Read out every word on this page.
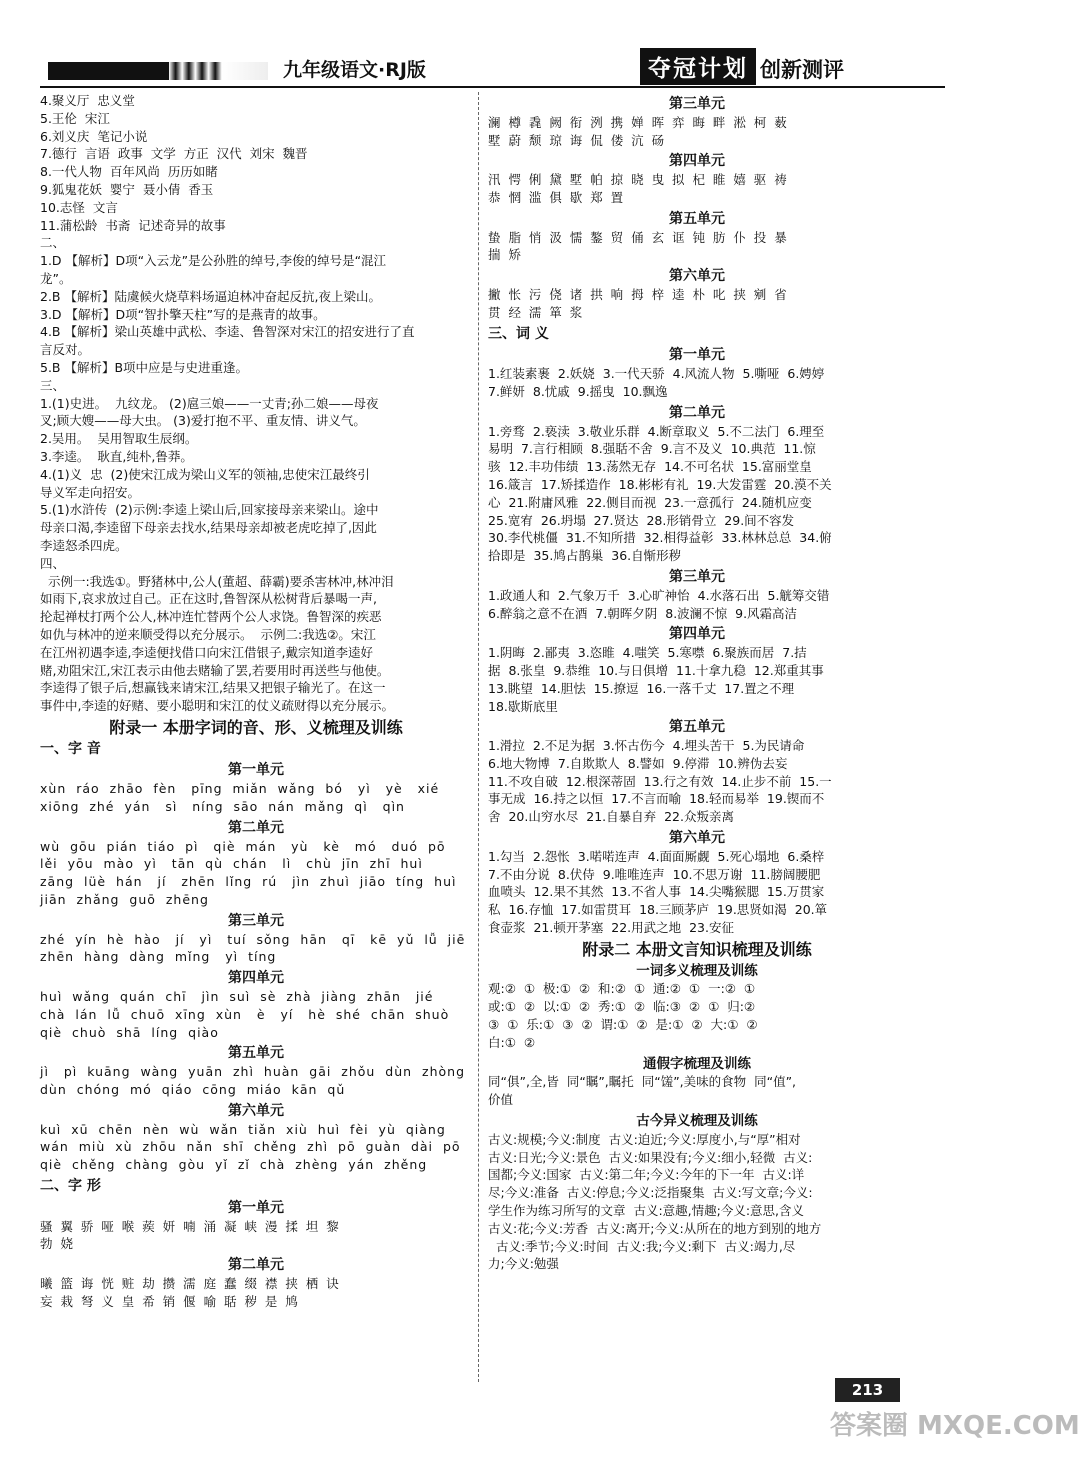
九年级语文·RJ版	夺冠计划 创新测评
4.聚义厅  忠义堂
5.王伦  宋江
6.刘义庆  笔记小说
7.德行  言语  政事  文学  方正  汉代  刘宋  魏晋
8.一代人物  百年风尚  历历如睹
9.狐鬼花妖  婴宁  聂小倩  香玉
10.志怪  文言
11.蒲松龄  书斋  记述奇异的故事
二、
1.D 【解析】D项“入云龙”是公孙胜的绰号,李俊的绰号是“混江
龙”。
2.B 【解析】陆虞候火烧草料场逼迫林冲奋起反抗,夜上梁山。
3.D 【解析】D项“智扑擎天柱”写的是燕青的故事。
4.B 【解析】梁山英雄中武松、李逵、鲁智深对宋江的招安进行了直
言反对。
5.B 【解析】B项中应是与史进重逢。
三、
1.(1)史进。  九纹龙。 (2)扈三娘——一丈青;孙二娘——母夜
叉;顾大嫂——母大虫。 (3)爱打抱不平、重友情、讲义气。
2.吴用。  吴用智取生辰纲。
3.李逵。  耿直,纯朴,鲁莽。
4.(1)义  忠  (2)使宋江成为梁山义军的领袖,忠使宋江最终引
导义军走向招安。
5.(1)水浒传  (2)示例:李逵上梁山后,回家接母亲来梁山。途中
母亲口渴,李逵留下母亲去找水,结果母亲却被老虎吃掉了,因此
李逵怒杀四虎。
四、
示例一:我选①。野猪林中,公人(董超、薛霸)要杀害林冲,林冲泪
如雨下,哀求放过自己。正在这时,鲁智深从松树背后暴喝一声,
抡起禅杖打两个公人,林冲连忙替两个公人求饶。鲁智深的疾恶
如仇与林冲的逆来顺受得以充分展示。  示例二:我选②。宋江
在江州初遇李逵,李逵便找借口向宋江借银子,戴宗知道李逵好
赌,劝阻宋江,宋江表示由他去赌输了罢,若要用时再送些与他使。
李逵得了银子后,想赢钱来请宋江,结果又把银子输光了。在这一
事件中,李逵的好赌、要小聪明和宋江的仗义疏财得以充分展示。
附录一 本册字词的音、形、义梳理及训练
一、字 音
第一单元
xùn  ráo  zhāo  fèn   pīng  miǎn  wǎng  bó   yì   yè   xié
xiōng  zhé  yán   sì   níng  sāo  nán  mǎng  qì   qìn
第二单元
wù  gōu  pián  tiáo  pì   qiè  mán   yù   kè   mó   duó  pō
lěi  yōu  mào  yì   tān  qù  chán   lì   chù  jīn  zhī  huì
zāng  lüè  hán   jí   zhēn  lǐng  rú   jìn  zhuì  jiāo  tíng  huì
jiān  zhǎng  guō  zhēng
第三单元
zhé  yín  hè  hào   jí   yì   tuí  sǒng  hān   qī   kē  yǔ  lǚ  jiē
zhēn  hàng  dàng  mǐng   yì  tíng
第四单元
huì  wǎng  quán  chī   jìn  suì  sè  zhà  jiàng  zhān   jié
chà  lán  lǚ  chuō  xīng  xùn   è   yí   hè  shé  chān  shuò
qiè  chuò  shā  líng  qiào
第五单元
jì   pì  kuāng  wàng  yuān  zhì  huàn  gāi  zhǒu  dùn  zhòng
dùn  chóng  mó  qiáo  cōng  miáo  kān  qǔ
第六单元
kuì  xū  chēn  nèn  wù  wǎn  tiǎn  xiù  huì  fèi  yù  qiàng
wán  miù  xù  zhōu  nǎn  shī  chěng  zhì  pō  guàn  dài  pō
qiè  chěng  chàng  gòu  yǐ  zǐ  chà  zhèng  yán  zhěng
二、字 形
第一单元
骚  翼  骄  哑  喉  蒺  妍  喃  涌  凝  峡  漫  揉  坦  黎
勃  娆
第二单元
曦  篮  诲  恍  赃  劫  攒  濡  庭  蠢  缀  襟  挟  栖  诀
妄  栽  弩  义  皇  希  销  偃  喻  聒  秽  是  鸠
第三单元
澜  樽  毳  阙  衔  洌  携  婵  晖  弈  晦  畔  淞  柯  薮
墅  蔚  颓  琼  诲  侃  偻  沆  砀
第四单元
汛  愕  俐  黛  墅  帕  掠  晓  曳  拟  杞  睢  嬉  驱  祷
恭  惘  滥  俱  歇  郑  置
第五单元
蛰  脂  悄  汲  懦  鏊  贸  俑  玄  诓  钝  肪  仆  投  暴
揣  矫
第六单元
撇  怅  污  侥  诸  拱  响  拇  梓  逵  朴  叱  挟  剜  省
贯  经  濡  箪  浆
三、词 义
第一单元
1.红装素裹  2.妖娆  3.一代天骄  4.风流人物  5.嘶哑  6.娉婷
7.鲜妍  8.忧戚  9.摇曳  10.飘逸
第二单元
1.旁骛  2.亵渎  3.敬业乐群  4.断章取义  5.不二法门  6.理至
易明  7.言行相顾  8.强聒不舍  9.言不及义  10.典范  11.惊
骇  12.丰功伟绩  13.荡然无存  14.不可名状  15.富丽堂皇
16.箴言  17.矫揉造作  18.彬彬有礼  19.大发雷霆  20.漠不关
心  21.附庸风雅  22.侧目而视  23.一意孤行  24.随机应变
25.宽宥  26.坍塌  27.贤达  28.形销骨立  29.间不容发
30.李代桃僵  31.不知所措  32.相得益彰  33.林林总总  34.俯
拾即是  35.鸠占鹊巢  36.自惭形秽
第三单元
1.政通人和  2.气象万千  3.心旷神怡  4.水落石出  5.觥筹交错
6.醉翁之意不在酒  7.朝晖夕阴  8.波澜不惊  9.风霜高洁
第四单元
1.阴晦  2.鄙夷  3.恣睢  4.嗤笑  5.寒噤  6.聚族而居  7.拮
据  8.张皇  9.恭维  10.与日俱增  11.十拿九稳  12.郑重其事
13.眺望  14.胆怯  15.撩逗  16.一落千丈  17.置之不理
18.歇斯底里
第五单元
1.滑拉  2.不足为据  3.怀古伤今  4.埋头苦干  5.为民请命
6.地大物博  7.自欺欺人  8.譬如  9.停滞  10.辨伪去妄
11.不攻自破  12.根深蒂固  13.行之有效  14.止步不前  15.一
事无成  16.持之以恒  17.不言而喻  18.轻而易举  19.锲而不
舍  20.山穷水尽  21.自暴自弃  22.众叛亲离
第六单元
1.勾当  2.怨怅  3.喏喏连声  4.面面厮觑  5.死心塌地  6.桑梓
7.不由分说  8.伏侍  9.唯唯连声  10.不思万谢  11.膀阔腰肥
血喷头  12.果不其然  13.不省人事  14.尖嘴猴腮  15.万贯家
私  16.存恤  17.如雷贯耳  18.三顾茅庐  19.思贤如渴  20.箪
食壶浆  21.顿开茅塞  22.用武之地  23.安征
附录二 本册文言知识梳理及训练
一词多义梳理及训练
观:②  ①  极:①  ②  和:②  ①  通:②  ①  一:②  ①
或:①  ②  以:①  ②  秀:①  ②  临:③  ②  ①  归:②
③  ①  乐:①  ③  ②  谓:①  ②  是:①  ②  大:①  ②
白:①  ②
通假字梳理及训练
同“俱”,全,皆  同“瞩”,瞩托  同“馐”,美味的食物  同“值”,
价值
古今异义梳理及训练
古义:规模;今义:制度  古义:迫近;今义:厚度小,与“厚”相对
古义:日光;今义:景色  古义:如果没有;今义:细小,轻微  古义:
国都;今义:国家  古义:第二年;今义:今年的下一年  古义:详
尽;今义:准备  古义:停息;今义:泛指聚集  古义:写文章;今义:
学生作为练习所写的文章  古义:意趣,情趣;今义:意思,含义
古义:花;今义:芳香  古义:离开;今义:从所在的地方到别的地方
古义:季节;今义:时间  古义:我;今义:剩下  古义:竭力,尽
力;今义:勉强
213
答案圈 MXQE.COM
